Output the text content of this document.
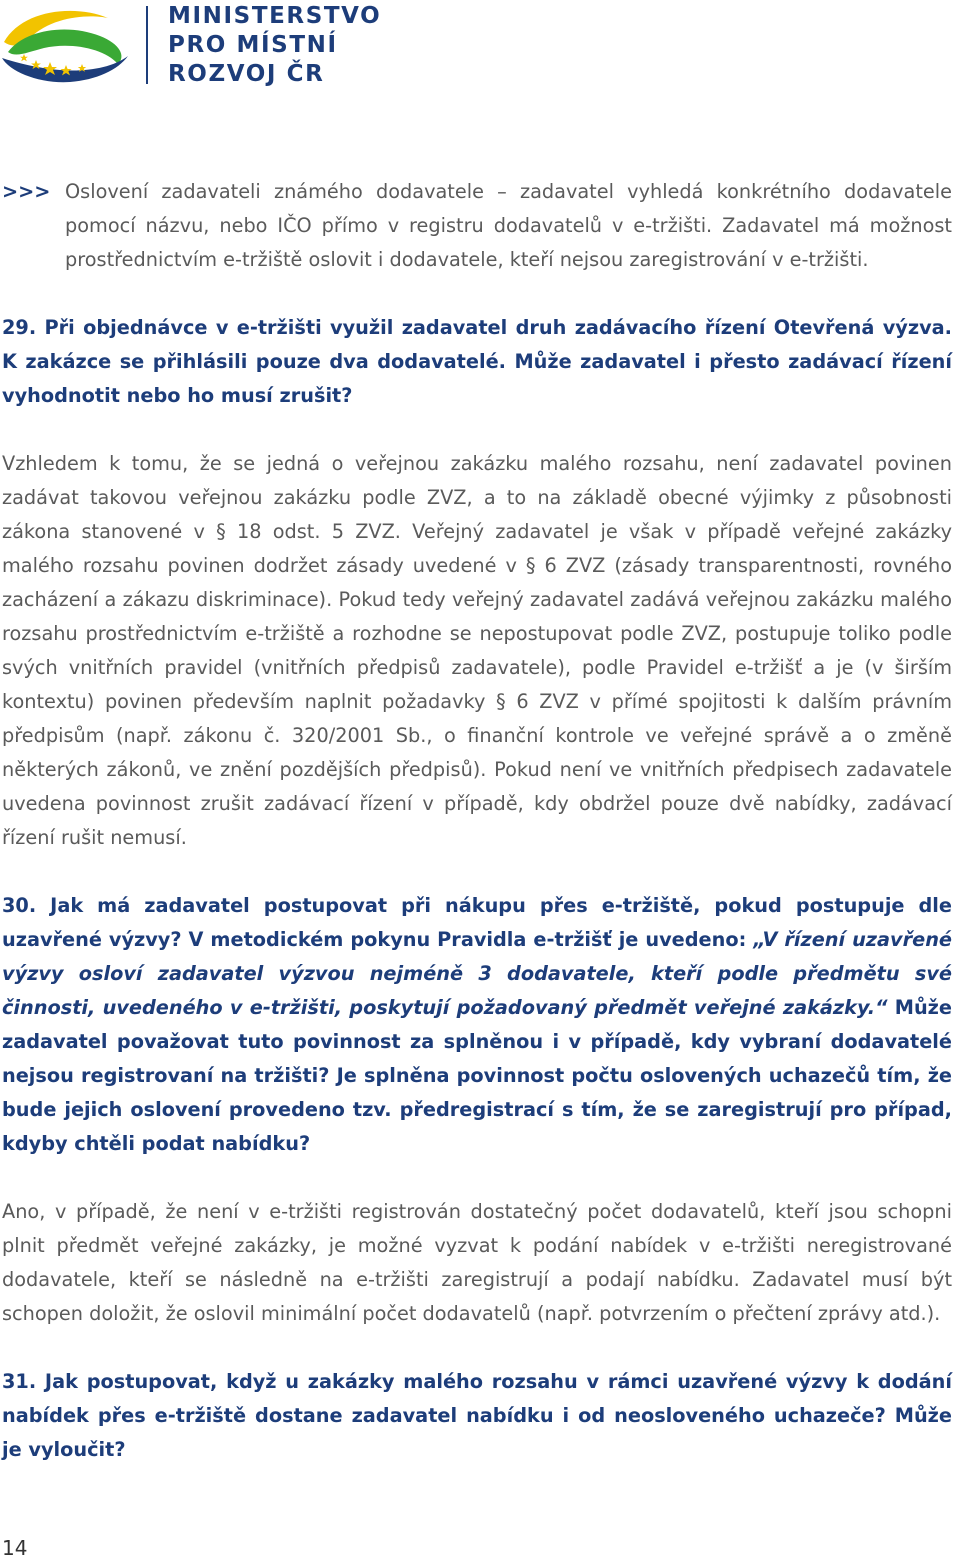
MINISTERSTVO
PRO MÍSTNÍ
ROZVOJ ČR

>>> Oslovení zadavateli známého dodavatele – zadavatel vyhledá konkrétního dodavatele pomocí názvu, nebo IČO přímo v registru dodavatelů v e-tržišti. Zadavatel má možnost prostřednictvím e-tržiště oslovit i dodavatele, kteří nejsou zaregistrování v e-tržišti.

29. Při objednávce v e-tržišti využil zadavatel druh zadávacího řízení Otevřená výzva. K zakázce se přihlásili pouze dva dodavatelé. Může zadavatel i přesto zadávací řízení vyhodnotit nebo ho musí zrušit?

Vzhledem k tomu, že se jedná o veřejnou zakázku malého rozsahu, není zadavatel povinen zadávat takovou veřejnou zakázku podle ZVZ, a to na základě obecné výjimky z působnosti zákona stanovené v § 18 odst. 5 ZVZ. Veřejný zadavatel je však v případě veřejné zakázky malého rozsahu povinen dodržet zásady uvedené v § 6 ZVZ (zásady transparentnosti, rovného zacházení a zákazu diskriminace). Pokud tedy veřejný zadavatel zadává veřejnou zakázku malého rozsahu prostřednictvím e-tržiště a rozhodne se nepostupovat podle ZVZ, postupuje toliko podle svých vnitřních pravidel (vnitřních předpisů zadavatele), podle Pravidel e-tržišť a je (v širším kontextu) povinen především naplnit požadavky § 6 ZVZ v přímé spojitosti k dalším právním předpisům (např. zákonu č. 320/2001 Sb., o finanční kontrole ve veřejné správě a o změně některých zákonů, ve znění pozdějších předpisů). Pokud není ve vnitřních předpisech zadavatele uvedena povinnost zrušit zadávací řízení v případě, kdy obdržel pouze dvě nabídky, zadávací řízení rušit nemusí.

30. Jak má zadavatel postupovat při nákupu přes e-tržiště, pokud postupuje dle uzavřené výzvy? V metodickém pokynu Pravidla e-tržišť je uvedeno: „V řízení uzavřené výzvy osloví zadavatel výzvou nejméně 3 dodavatele, kteří podle předmětu své činnosti, uvedeného v e-tržišti, poskytují požadovaný předmět veřejné zakázky.“ Může zadavatel považovat tuto povinnost za splněnou i v případě, kdy vybraní dodavatelé nejsou registrovaní na tržišti? Je splněna povinnost počtu oslovených uchazečů tím, že bude jejich oslovení provedeno tzv. předregistrací s tím, že se zaregistrují pro případ, kdyby chtěli podat nabídku?

Ano, v případě, že není v e-tržišti registrován dostatečný počet dodavatelů, kteří jsou schopni plnit předmět veřejné zakázky, je možné vyzvat k podání nabídek v e-tržišti neregistrované dodavatele, kteří se následně na e-tržišti zaregistrují a podají nabídku. Zadavatel musí být schopen doložit, že oslovil minimální počet dodavatelů (např. potvrzením o přečtení zprávy atd.).

31. Jak postupovat, když u zakázky malého rozsahu v rámci uzavřené výzvy k dodání nabídek přes e-tržiště dostane zadavatel nabídku i od neosloveného uchazeče? Může je vyloučit?

14
